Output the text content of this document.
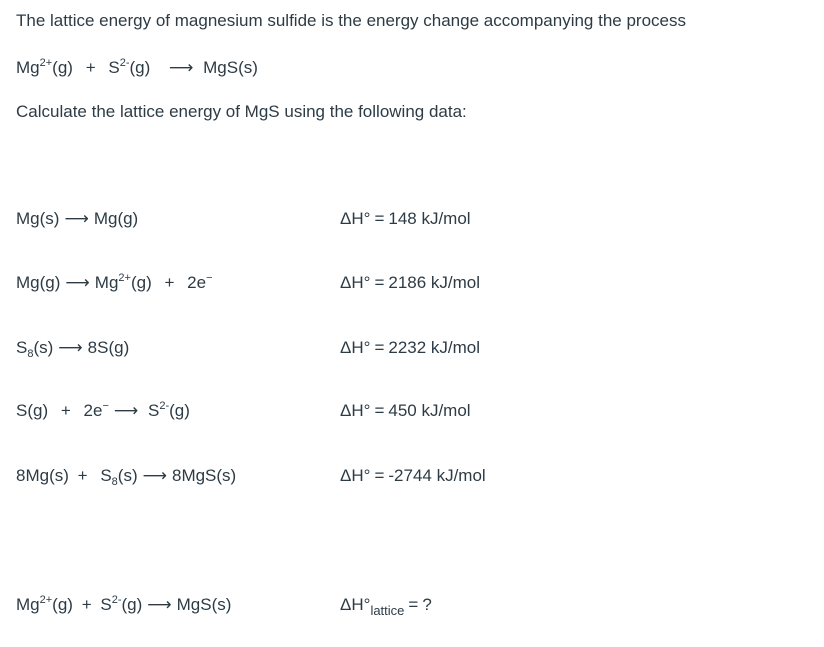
The lattice energy of magnesium sulfide is the energy change accompanying the process
$Mg^{2+}(g) + S^{2-}(g)$ ⟶ MgS(s)
Calculate the lattice energy of MgS using the following data:
Mg(s) ⟶ Mg(g)	ΔH° = 148 kJ/mol
Mg(g) ⟶ $Mg^{2+}(g) + 2e^-$	ΔH° = 2186 kJ/mol
$S_8(s)$ ⟶ 8S(g)	ΔH° = 2232 kJ/mol
S(g) + 2e− ⟶ $S^{2-}(g)$	ΔH° = 450 kJ/mol
$8Mg(s) + S_8(s)$ ⟶ 8MgS(s)	ΔH° = -2744 kJ/mol
$Mg^{2+}(g) + S^{2-}(g)$ ⟶ MgS(s)	$\Delta H^\circ_{lattice}$ = ?
